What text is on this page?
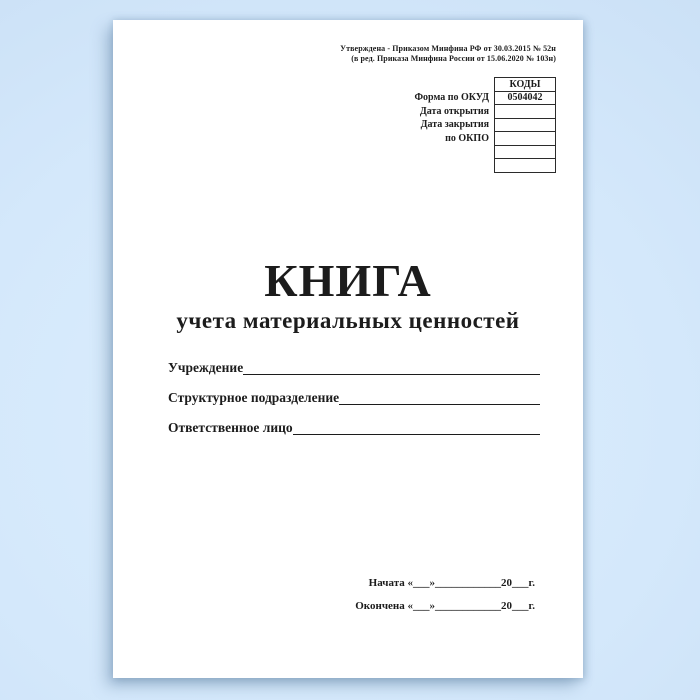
Утверждена - Приказом Минфина РФ от 30.03.2015 № 52н
(в ред. Приказа Минфина России от 15.06.2020 № 103н)
	КОДЫ
Форма по ОКУД	0504042
Дата открытия	
Дата закрытия	
по ОКПО	

КНИГА
учета материальных ценностей
Учреждение
Структурное подразделение
Ответственное лицо
Начата «___»____________20___г.
Окончена «___»____________20___г.
